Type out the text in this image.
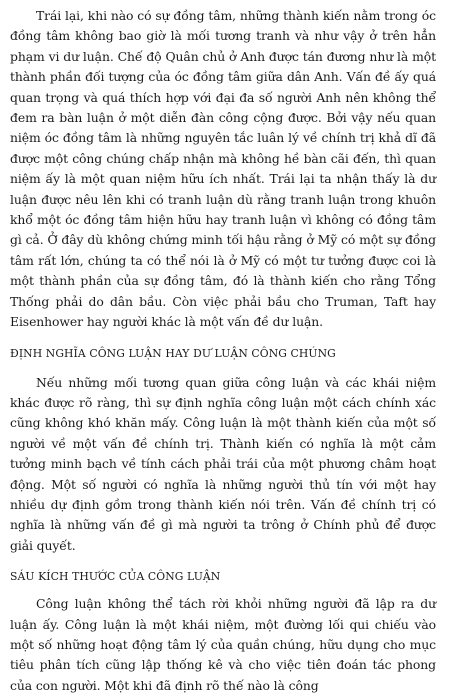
Trái lại, khi nào có sự đồng tâm, những thành kiến nằm trong óc đồng tâm không bao giờ là mối tương tranh và như vậy ở trên hẳn phạm vi dư luận. Chế độ Quân chủ ở Anh được tán đương như là một thành phần đối tượng của óc đồng tâm giữa dân Anh. Vấn đề ấy quá quan trọng và quá thích hợp với đại đa số người Anh nên không thể đem ra bàn luận ở một diễn đàn công cộng được. Bởi vậy nếu quan niệm óc đồng tâm là những nguyên tắc luân lý về chính trị khả dĩ đã được một công chúng chấp nhận mà không hề bàn cãi đến, thì quan niệm ấy là một quan niệm hữu ích nhất. Trái lại ta nhận thấy là dư luận được nêu lên khi có tranh luận dù rằng tranh luận trong khuôn khổ một óc đồng tâm hiện hữu hay tranh luận vì không có đồng tâm gì cả. Ở đây dù không chứng minh tối hậu rằng ở Mỹ có một sự đồng tâm rất lớn, chúng ta có thể nói là ở Mỹ có một tư tưởng được coi là một thành phần của sự đồng tâm, đó là thành kiến cho rằng Tổng Thống phải do dân bầu. Còn việc phải bầu cho Truman, Taft hay Eisenhower hay người khác là một vấn đề dư luận.

ĐỊNH NGHĨA CÔNG LUẬN HAY DƯ LUẬN CÔNG CHÚNG

Nếu những mối tương quan giữa công luận và các khái niệm khác được rõ ràng, thì sự định nghĩa công luận một cách chính xác cũng không khó khăn mấy. Công luận là một thành kiến của một số người về một vấn đề chính trị. Thành kiến có nghĩa là một cảm tưởng minh bạch về tính cách phải trái của một phương châm hoạt động. Một số người có nghĩa là những người thủ tín với một hay nhiều dự định gồm trong thành kiến nói trên. Vấn đề chính trị có nghĩa là những vấn đề gì mà người ta trông ở Chính phủ để được giải quyết.

SÁU KÍCH THƯỚC CỦA CÔNG LUẬN

Công luận không thể tách rời khỏi những người đã lập ra dư luận ấy. Công luận là một khái niệm, một đường lối qui chiếu vào một số những hoạt động tâm lý của quần chúng, hữu dụng cho mục tiêu phân tích cũng lập thống kê và cho việc tiên đoán tác phong của con người. Một khi đã định rõ thế nào là công
